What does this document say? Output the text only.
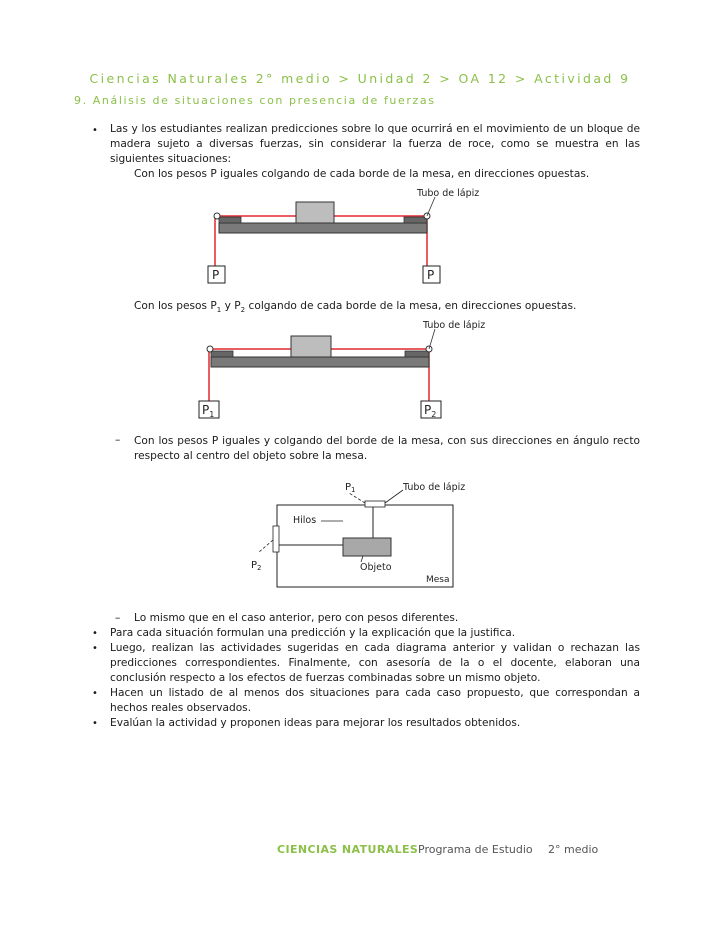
Ciencias Naturales 2° medio > Unidad 2 > OA 12 > Actividad 9
9. Análisis de situaciones con presencia de fuerzas
• Las y los estudiantes realizan predicciones sobre lo que ocurrirá en el movimiento de un bloque de madera sujeto a diversas fuerzas, sin considerar la fuerza de roce, como se muestra en las siguientes situaciones:
Con los pesos P iguales colgando de cada borde de la mesa, en direcciones opuestas.
Tubo de lápiz
P	P
Con los pesos $P_1$ y $P_2$ colgando de cada borde de la mesa, en direcciones opuestas.
Tubo de lápiz
$P_1$	$P_2$
– Con los pesos P iguales y colgando del borde de la mesa, con sus direcciones en ángulo recto respecto al centro del objeto sobre la mesa.
$P_1$	Tubo de lápiz
Hilos
$P_2$	Objeto
Mesa
– Lo mismo que en el caso anterior, pero con pesos diferentes.
• Para cada situación formulan una predicción y la explicación que la justifica.
• Luego, realizan las actividades sugeridas en cada diagrama anterior y validan o rechazan las predicciones correspondientes. Finalmente, con asesoría de la o el docente, elaboran una conclusión respecto a los efectos de fuerzas combinadas sobre un mismo objeto.
• Hacen un listado de al menos dos situaciones para cada caso propuesto, que correspondan a hechos reales observados.
• Evalúan la actividad y proponen ideas para mejorar los resultados obtenidos.
CIENCIAS NATURALES Programa de Estudio 2° medio
